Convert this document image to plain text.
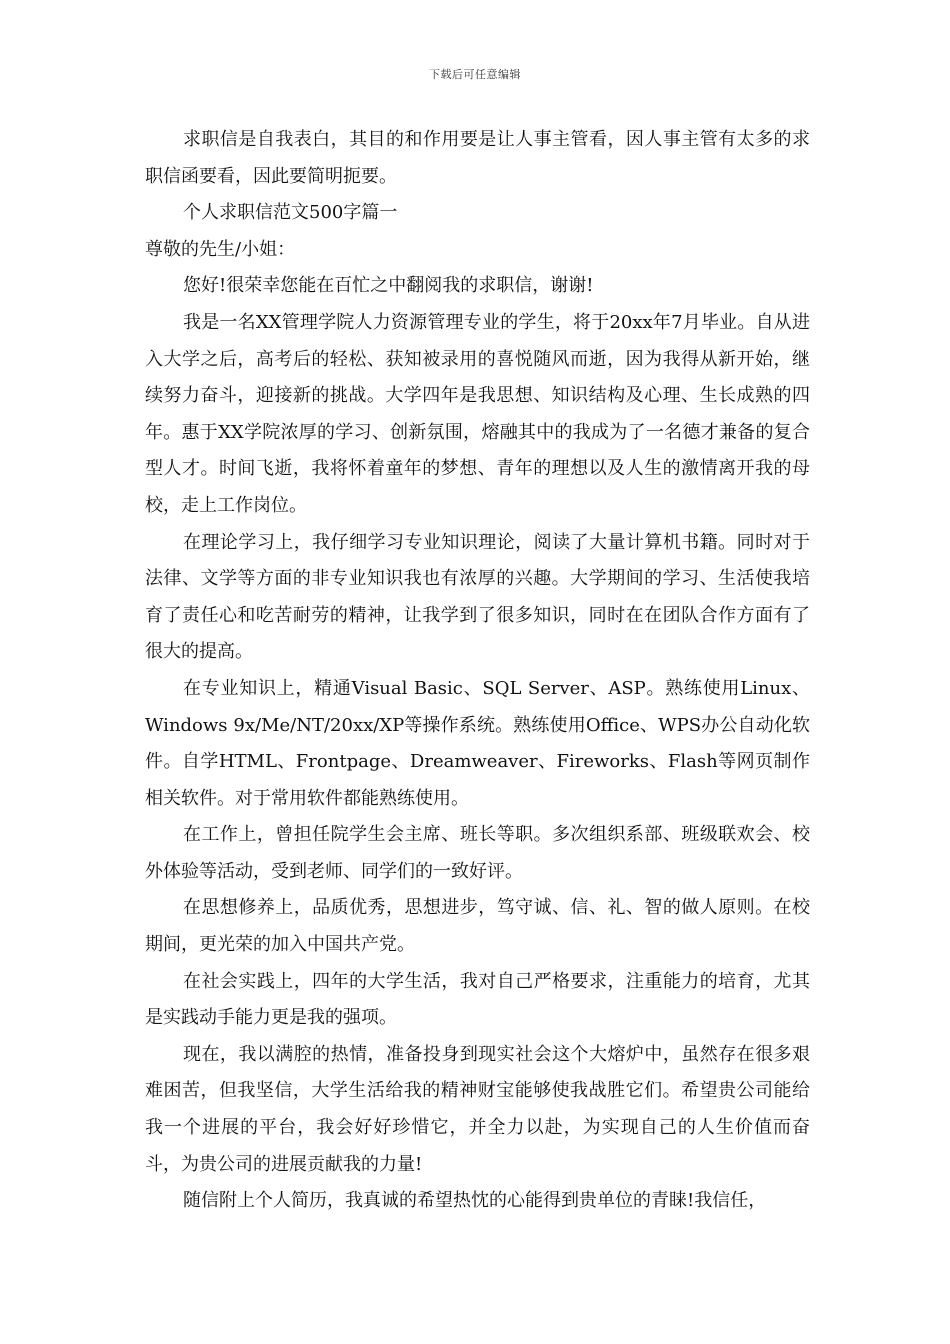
下载后可任意编辑

求职信是自我表白，其目的和作用要是让人事主管看，因人事主管有太多的求职信函要看，因此要简明扼要。

个人求职信范文500字篇一

尊敬的先生/小姐：

您好!很荣幸您能在百忙之中翻阅我的求职信，谢谢!

我是一名XX管理学院人力资源管理专业的学生，将于20xx年7月毕业。自从进入大学之后，高考后的轻松、获知被录用的喜悦随风而逝，因为我得从新开始，继续努力奋斗，迎接新的挑战。大学四年是我思想、知识结构及心理、生长成熟的四年。惠于XX学院浓厚的学习、创新氛围，熔融其中的我成为了一名德才兼备的复合型人才。时间飞逝，我将怀着童年的梦想、青年的理想以及人生的激情离开我的母校，走上工作岗位。

在理论学习上，我仔细学习专业知识理论，阅读了大量计算机书籍。同时对于法律、文学等方面的非专业知识我也有浓厚的兴趣。大学期间的学习、生活使我培育了责任心和吃苦耐劳的精神，让我学到了很多知识，同时在在团队合作方面有了很大的提高。

在专业知识上，精通Visual Basic、SQL Server、ASP。熟练使用Linux、Windows 9x/Me/NT/20xx/XP等操作系统。熟练使用Office、WPS办公自动化软件。自学HTML、Frontpage、Dreamweaver、Fireworks、Flash等网页制作相关软件。对于常用软件都能熟练使用。

在工作上，曾担任院学生会主席、班长等职。多次组织系部、班级联欢会、校外体验等活动，受到老师、同学们的一致好评。

在思想修养上，品质优秀，思想进步，笃守诚、信、礼、智的做人原则。在校期间，更光荣的加入中国共产党。

在社会实践上，四年的大学生活，我对自己严格要求，注重能力的培育，尤其是实践动手能力更是我的强项。

现在，我以满腔的热情，准备投身到现实社会这个大熔炉中，虽然存在很多艰难困苦，但我坚信，大学生活给我的精神财宝能够使我战胜它们。希望贵公司能给我一个进展的平台，我会好好珍惜它，并全力以赴，为实现自己的人生价值而奋斗，为贵公司的进展贡献我的力量!

随信附上个人简历，我真诚的希望热忱的心能得到贵单位的青睐!我信任，
